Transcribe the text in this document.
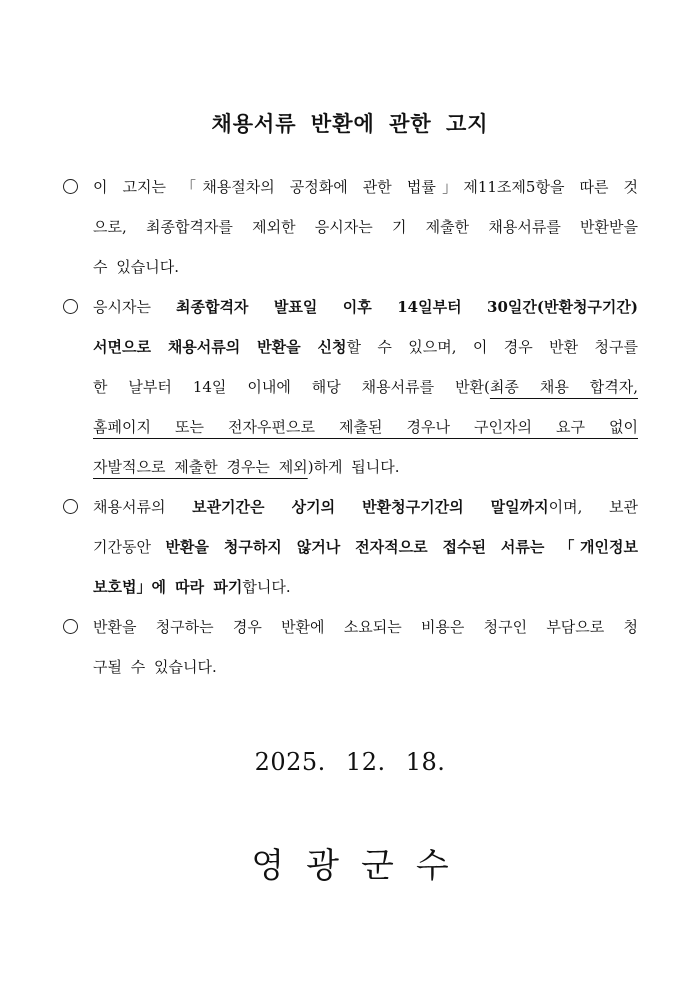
채용서류 반환에 관한 고지
이 고지는 「채용절차의 공정화에 관한 법률」제11조제5항을 따른 것
으로, 최종합격자를 제외한 응시자는 기 제출한 채용서류를 반환받을
수 있습니다.
응시자는 최종합격자 발표일 이후 14일부터 30일간(반환청구기간)
서면으로 채용서류의 반환을 신청할 수 있으며, 이 경우 반환 청구를
한 날부터 14일 이내에 해당 채용서류를 반환(최종 채용 합격자,
홈페이지 또는 전자우편으로 제출된 경우나 구인자의 요구 없이
자발적으로 제출한 경우는 제외)하게 됩니다.
채용서류의 보관기간은 상기의 반환청구기간의 말일까지이며, 보관
기간동안 반환을 청구하지 않거나 전자적으로 접수된 서류는 「개인정보
보호법」에 따라 파기합니다.
반환을 청구하는 경우 반환에 소요되는 비용은 청구인 부담으로 청
구될 수 있습니다.
2025. 12. 18.
영광군수
